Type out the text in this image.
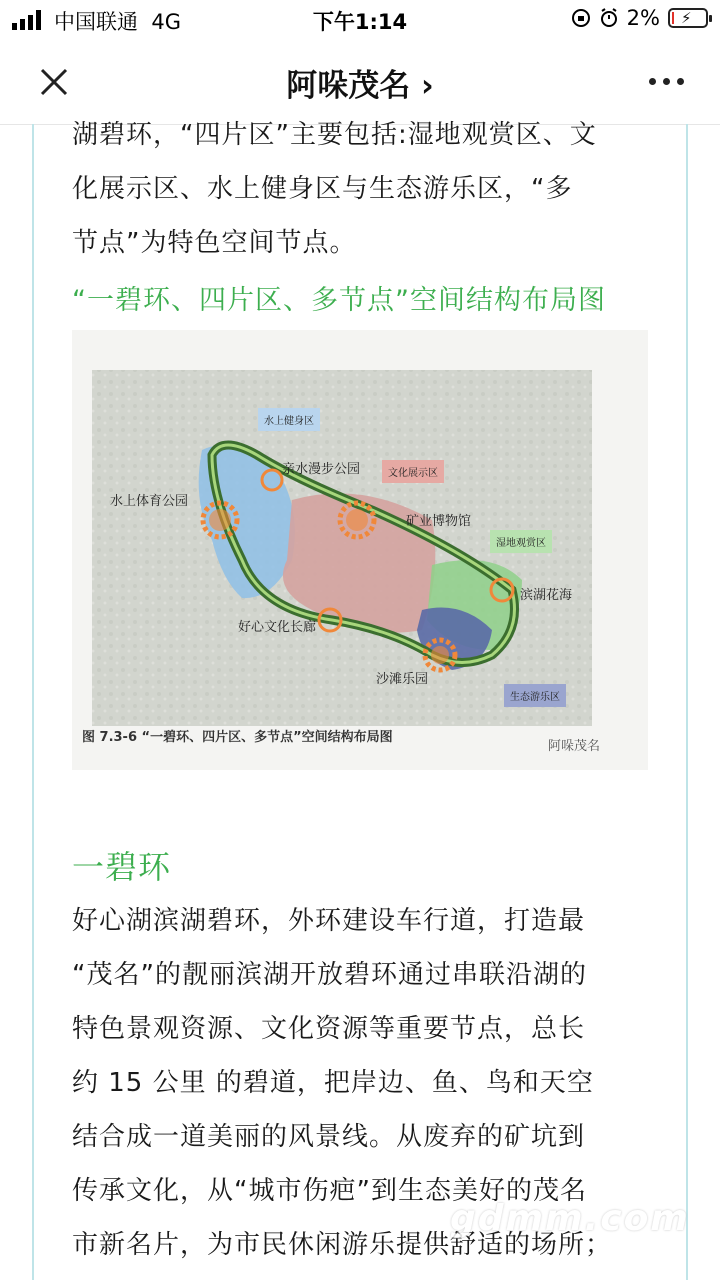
中国联通 4G	下午1:14	2% ⚡
阿哚茂名 ›
湖碧环，“四片区”主要包括:湿地观赏区、文
化展示区、水上健身区与生态游乐区，“多
节点”为特色空间节点。
“一碧环、四片区、多节点”空间结构布局图
水上健身区
文化展示区
湿地观赏区
生态游乐区
亲水漫步公园
水上体育公园
矿业博物馆
滨湖花海
好心文化长廊
沙滩乐园
图 7.3-6 “一碧环、四片区、多节点”空间结构布局图
阿哚茂名
一碧环
好心湖滨湖碧环，外环建设车行道，打造最
“茂名”的靓丽滨湖开放碧环通过串联沿湖的
特色景观资源、文化资源等重要节点，总长
约 15 公里 的碧道，把岸边、鱼、鸟和天空
结合成一道美丽的风景线。从废弃的矿坑到
传承文化，从“城市伤疤”到生态美好的茂名
市新名片，为市民休闲游乐提供舒适的场所；
gdmm.com
